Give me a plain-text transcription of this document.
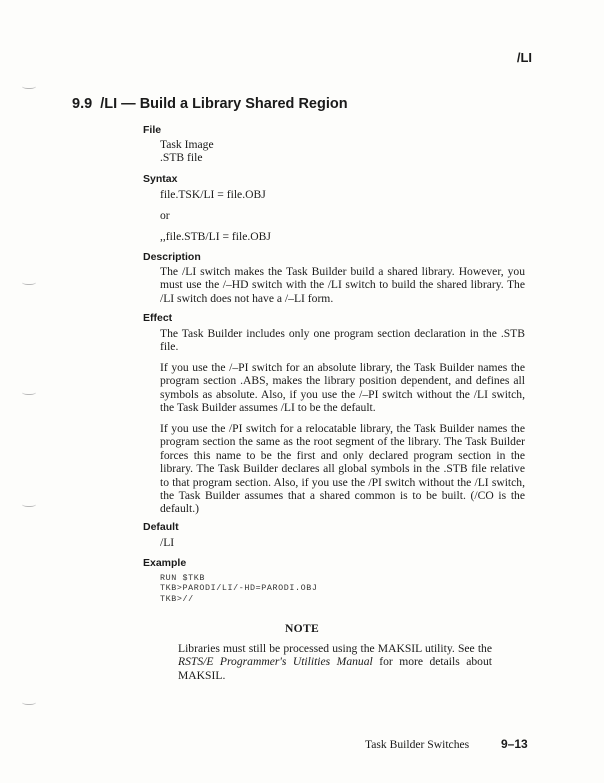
/LI
9.9 /LI — Build a Library Shared Region
File
Task Image
.STB file
Syntax
file.TSK/LI = file.OBJ
or
,,file.STB/LI = file.OBJ
Description
The /LI switch makes the Task Builder build a shared library. However, you must use the /–HD switch with the /LI switch to build the shared library. The /LI switch does not have a /–LI form.
Effect
The Task Builder includes only one program section declaration in the .STB file.
If you use the /–PI switch for an absolute library, the Task Builder names the program section .ABS, makes the library position dependent, and defines all symbols as absolute. Also, if you use the /–PI switch without the /LI switch, the Task Builder assumes /LI to be the default.
If you use the /PI switch for a relocatable library, the Task Builder names the program section the same as the root segment of the library. The Task Builder forces this name to be the first and only declared program section in the library. The Task Builder declares all global symbols in the .STB file relative to that program section. Also, if you use the /PI switch without the /LI switch, the Task Builder assumes that a shared common is to be built. (/CO is the default.)
Default
/LI
Example
RUN $TKB
TKB>PARODI/LI/-HD=PARODI.OBJ
TKB>//
NOTE
Libraries must still be processed using the MAKSIL utility. See the RSTS/E Programmer's Utilities Manual for more details about MAKSIL.
Task Builder Switches	9–13
